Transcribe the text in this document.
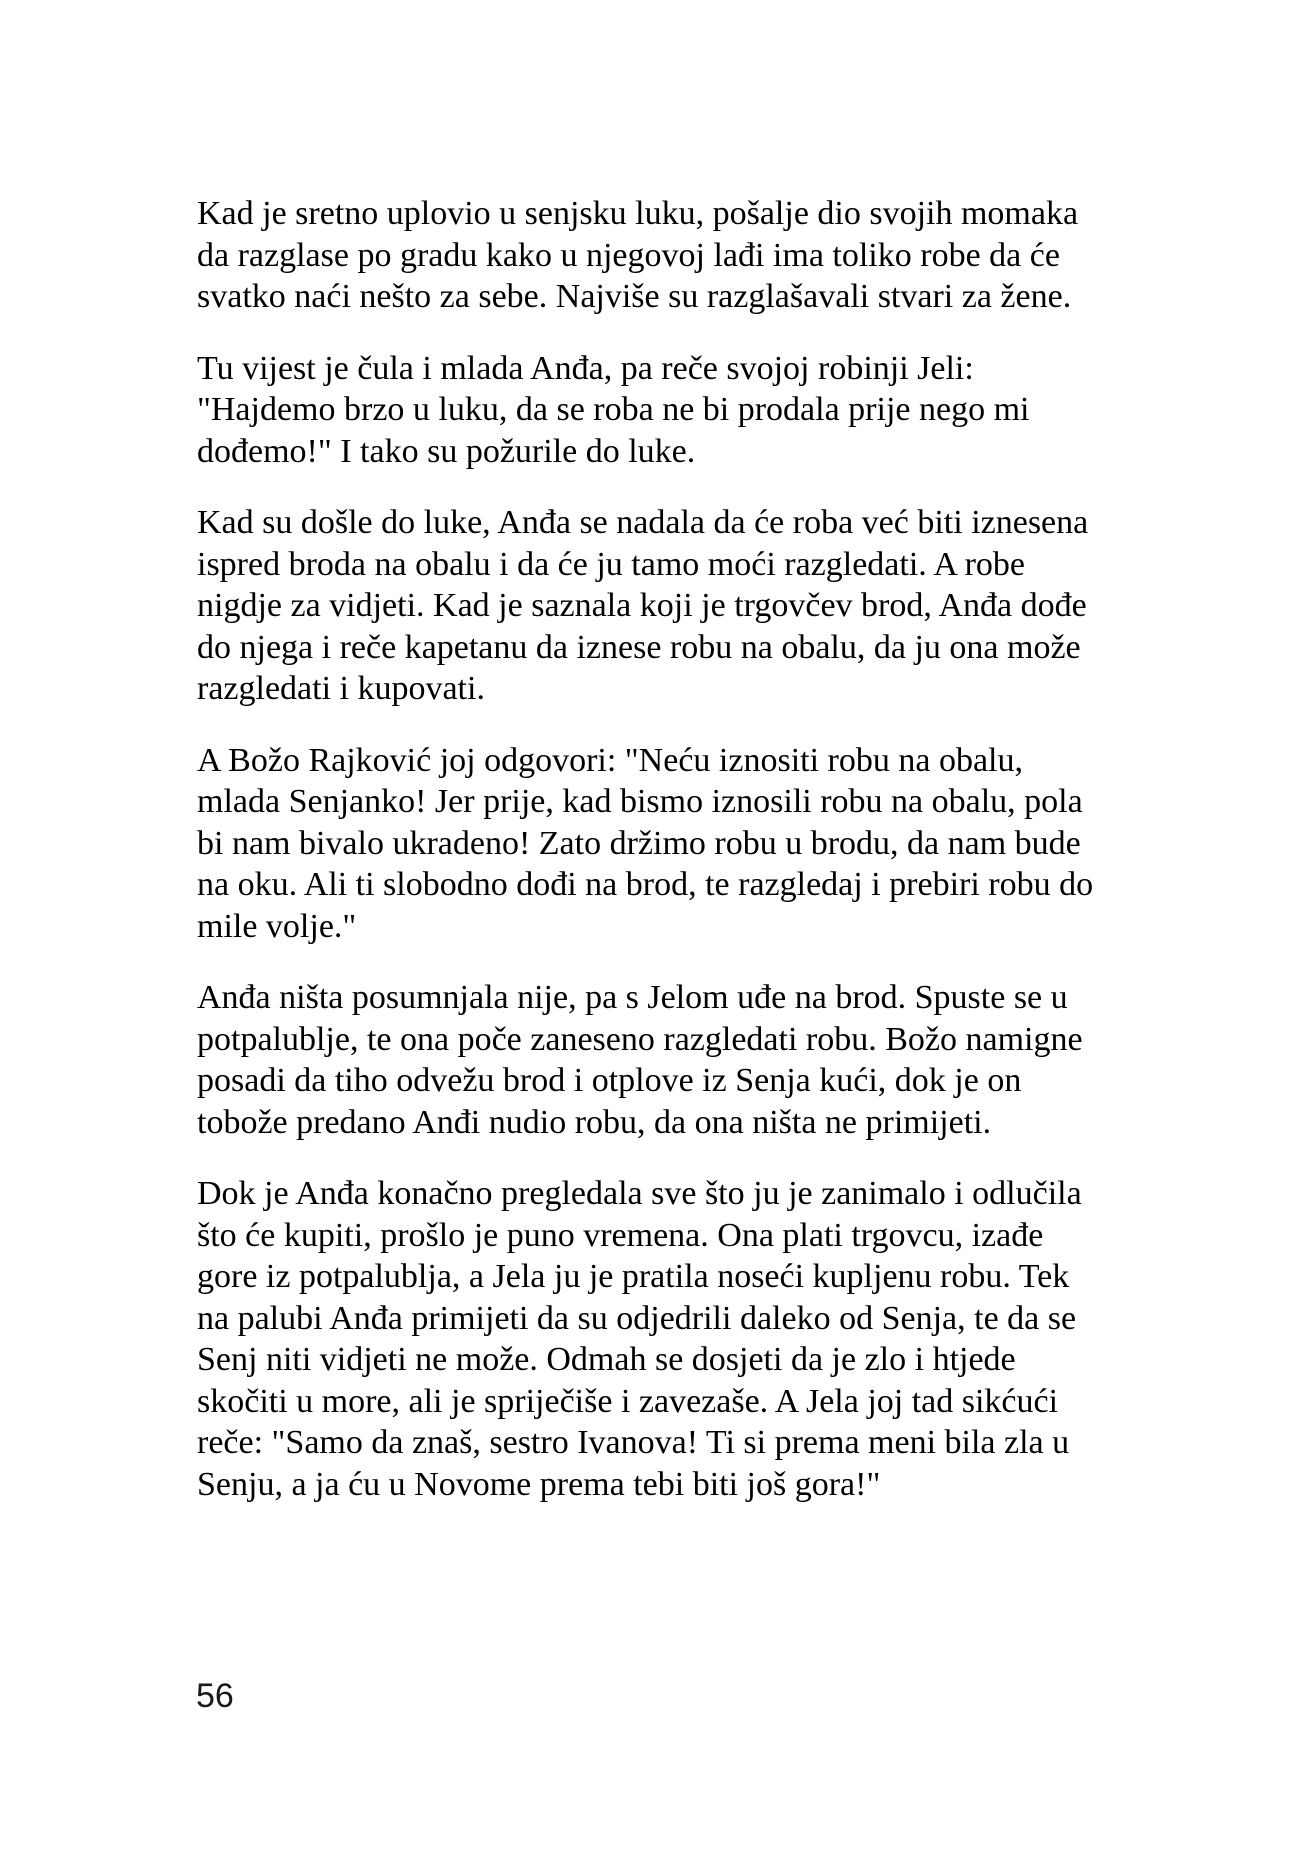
Kad je sretno uplovio u senjsku luku, pošalje dio svojih momaka da razglase po gradu kako u njegovoj lađi ima toliko robe da će svatko naći nešto za sebe. Najviše su razglašavali stvari za žene.

Tu vijest je čula i mlada Anđa, pa reče svojoj robinji Jeli: "Hajdemo brzo u luku, da se roba ne bi prodala prije nego mi dođemo!" I tako su požurile do luke.

Kad su došle do luke, Anđa se nadala da će roba već biti iznesena ispred broda na obalu i da će ju tamo moći razgledati. A robe nigdje za vidjeti. Kad je saznala koji je trgovčev brod, Anđa dođe do njega i reče kapetanu da iznese robu na obalu, da ju ona može razgledati i kupovati.

A Božo Rajković joj odgovori: "Neću iznositi robu na obalu, mlada Senjanko! Jer prije, kad bismo iznosili robu na obalu, pola bi nam bivalo ukradeno! Zato držimo robu u brodu, da nam bude na oku. Ali ti slobodno dođi na brod, te razgledaj i prebiri robu do mile volje."

Anđa ništa posumnjala nije, pa s Jelom uđe na brod. Spuste se u potpalublje, te ona poče zaneseno razgledati robu. Božo namigne posadi da tiho odvežu brod i otplove iz Senja kući, dok je on tobože predano Anđi nudio robu, da ona ništa ne primijeti.

Dok je Anđa konačno pregledala sve što ju je zanimalo i odlučila što će kupiti, prošlo je puno vremena. Ona plati trgovcu, izađe gore iz potpalublja, a Jela ju je pratila noseći kupljenu robu. Tek na palubi Anđa primijeti da su odjedrili daleko od Senja, te da se Senj niti vidjeti ne može. Odmah se dosjeti da je zlo i htjede skočiti u more, ali je spriječiše i zavezaše. A Jela joj tad sikćući reče: "Samo da znaš, sestro Ivanova! Ti si prema meni bila zla u Senju, a ja ću u Novome prema tebi biti još gora!"

56
